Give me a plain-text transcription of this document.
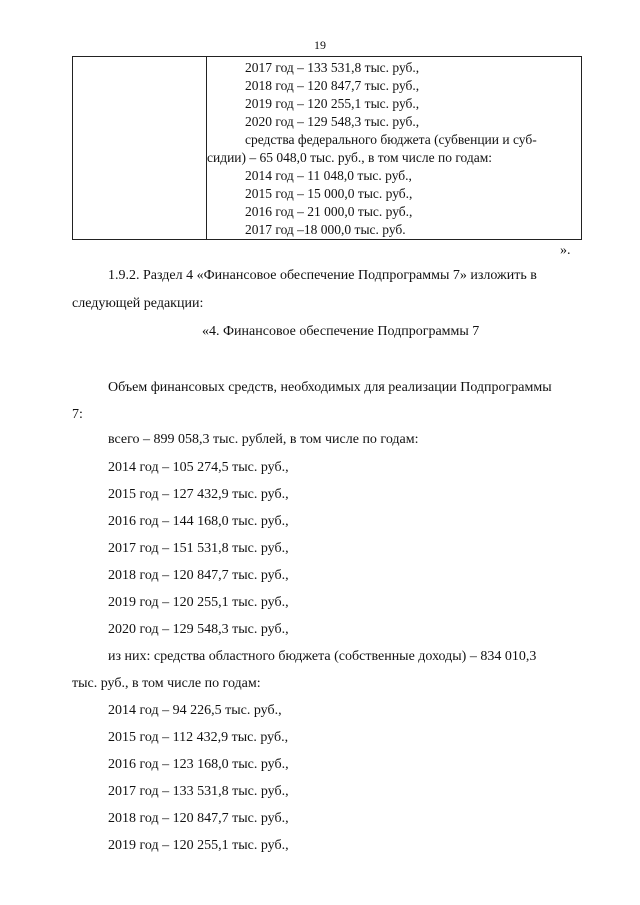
19
2017 год – 133 531,8 тыс. руб.,
2018 год – 120 847,7 тыс. руб.,
2019 год – 120 255,1 тыс. руб.,
2020 год – 129 548,3 тыс. руб.,
средства федерального бюджета (субвенции и суб-
сидии) – 65 048,0 тыс. руб., в том числе по годам:
2014 год – 11 048,0 тыс. руб.,
2015 год – 15 000,0 тыс. руб.,
2016 год – 21 000,0 тыс. руб.,
2017 год –18 000,0 тыс. руб.
».
1.9.2. Раздел 4 «Финансовое обеспечение Подпрограммы 7» изложить в
следующей редакции:
«4. Финансовое обеспечение Подпрограммы 7
Объем финансовых средств, необходимых для реализации Подпрограммы
7:
всего – 899 058,3 тыс. рублей, в том числе по годам:
2014 год – 105 274,5 тыс. руб.,
2015 год – 127 432,9 тыс. руб.,
2016 год – 144 168,0 тыс. руб.,
2017 год – 151 531,8 тыс. руб.,
2018 год – 120 847,7 тыс. руб.,
2019 год – 120 255,1 тыс. руб.,
2020 год – 129 548,3 тыс. руб.,
из них: средства областного бюджета (собственные доходы) – 834 010,3
тыс. руб., в том числе по годам:
2014 год – 94 226,5 тыс. руб.,
2015 год – 112 432,9 тыс. руб.,
2016 год – 123 168,0 тыс. руб.,
2017 год – 133 531,8 тыс. руб.,
2018 год – 120 847,7 тыс. руб.,
2019 год – 120 255,1 тыс. руб.,
